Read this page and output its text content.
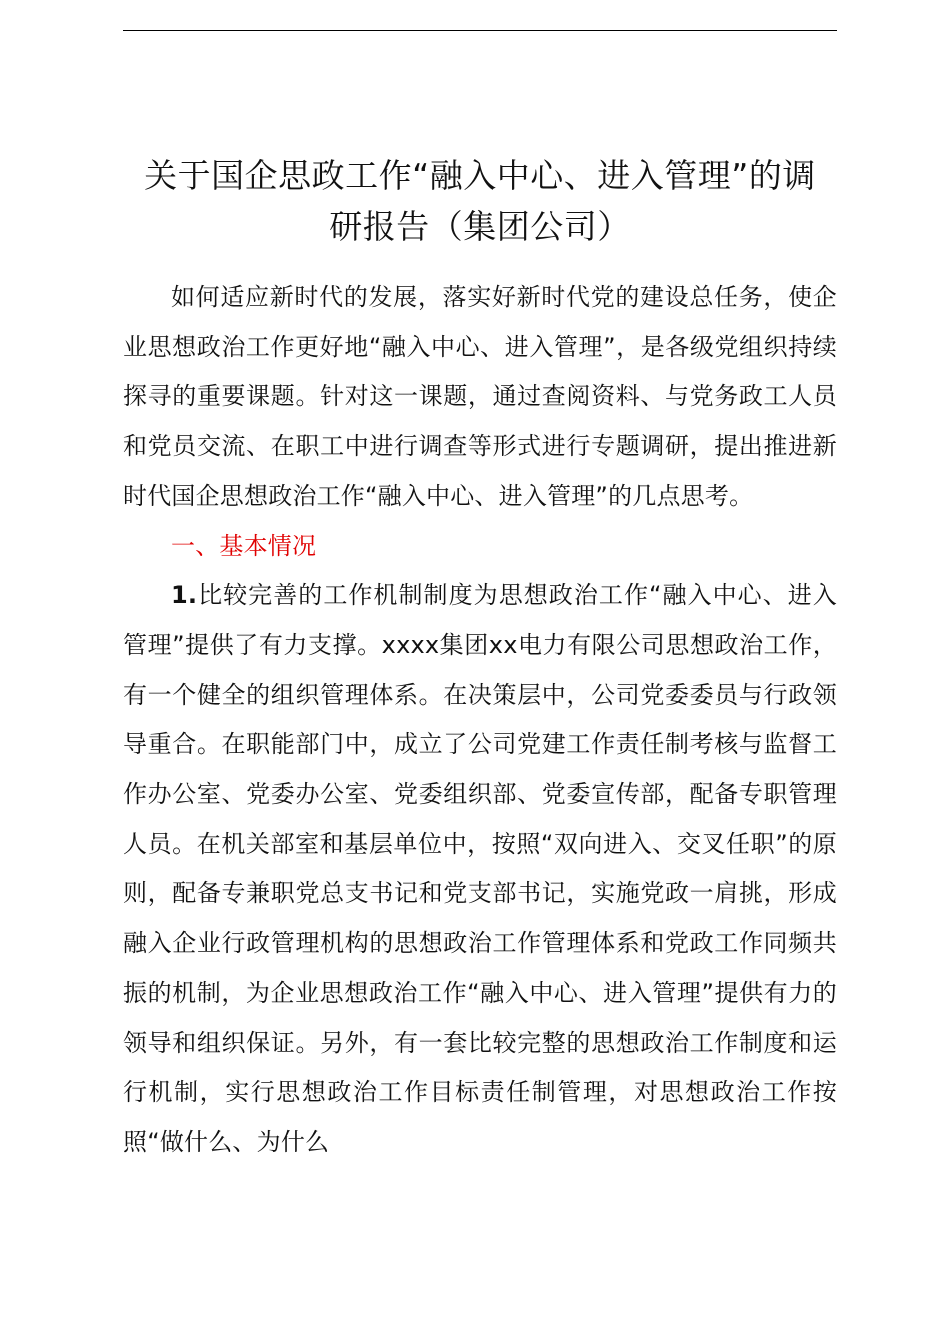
关于国企思政工作“融入中心、进入管理”的调
研报告（集团公司）

如何适应新时代的发展，落实好新时代党的建设总任务，使企业思想政治工作更好地“融入中心、进入管理”，是各级党组织持续探寻的重要课题。针对这一课题，通过查阅资料、与党务政工人员和党员交流、在职工中进行调查等形式进行专题调研，提出推进新时代国企思想政治工作“融入中心、进入管理”的几点思考。

一、基本情况

1.比较完善的工作机制制度为思想政治工作“融入中心、进入管理”提供了有力支撑。xxxx集团xx电力有限公司思想政治工作，有一个健全的组织管理体系。在决策层中，公司党委委员与行政领导重合。在职能部门中，成立了公司党建工作责任制考核与监督工作办公室、党委办公室、党委组织部、党委宣传部，配备专职管理人员。在机关部室和基层单位中，按照“双向进入、交叉任职”的原则，配备专兼职党总支书记和党支部书记，实施党政一肩挑，形成融入企业行政管理机构的思想政治工作管理体系和党政工作同频共振的机制，为企业思想政治工作“融入中心、进入管理”提供有力的领导和组织保证。另外，有一套比较完整的思想政治工作制度和运行机制，实行思想政治工作目标责任制管理，对思想政治工作按照“做什么、为什么
